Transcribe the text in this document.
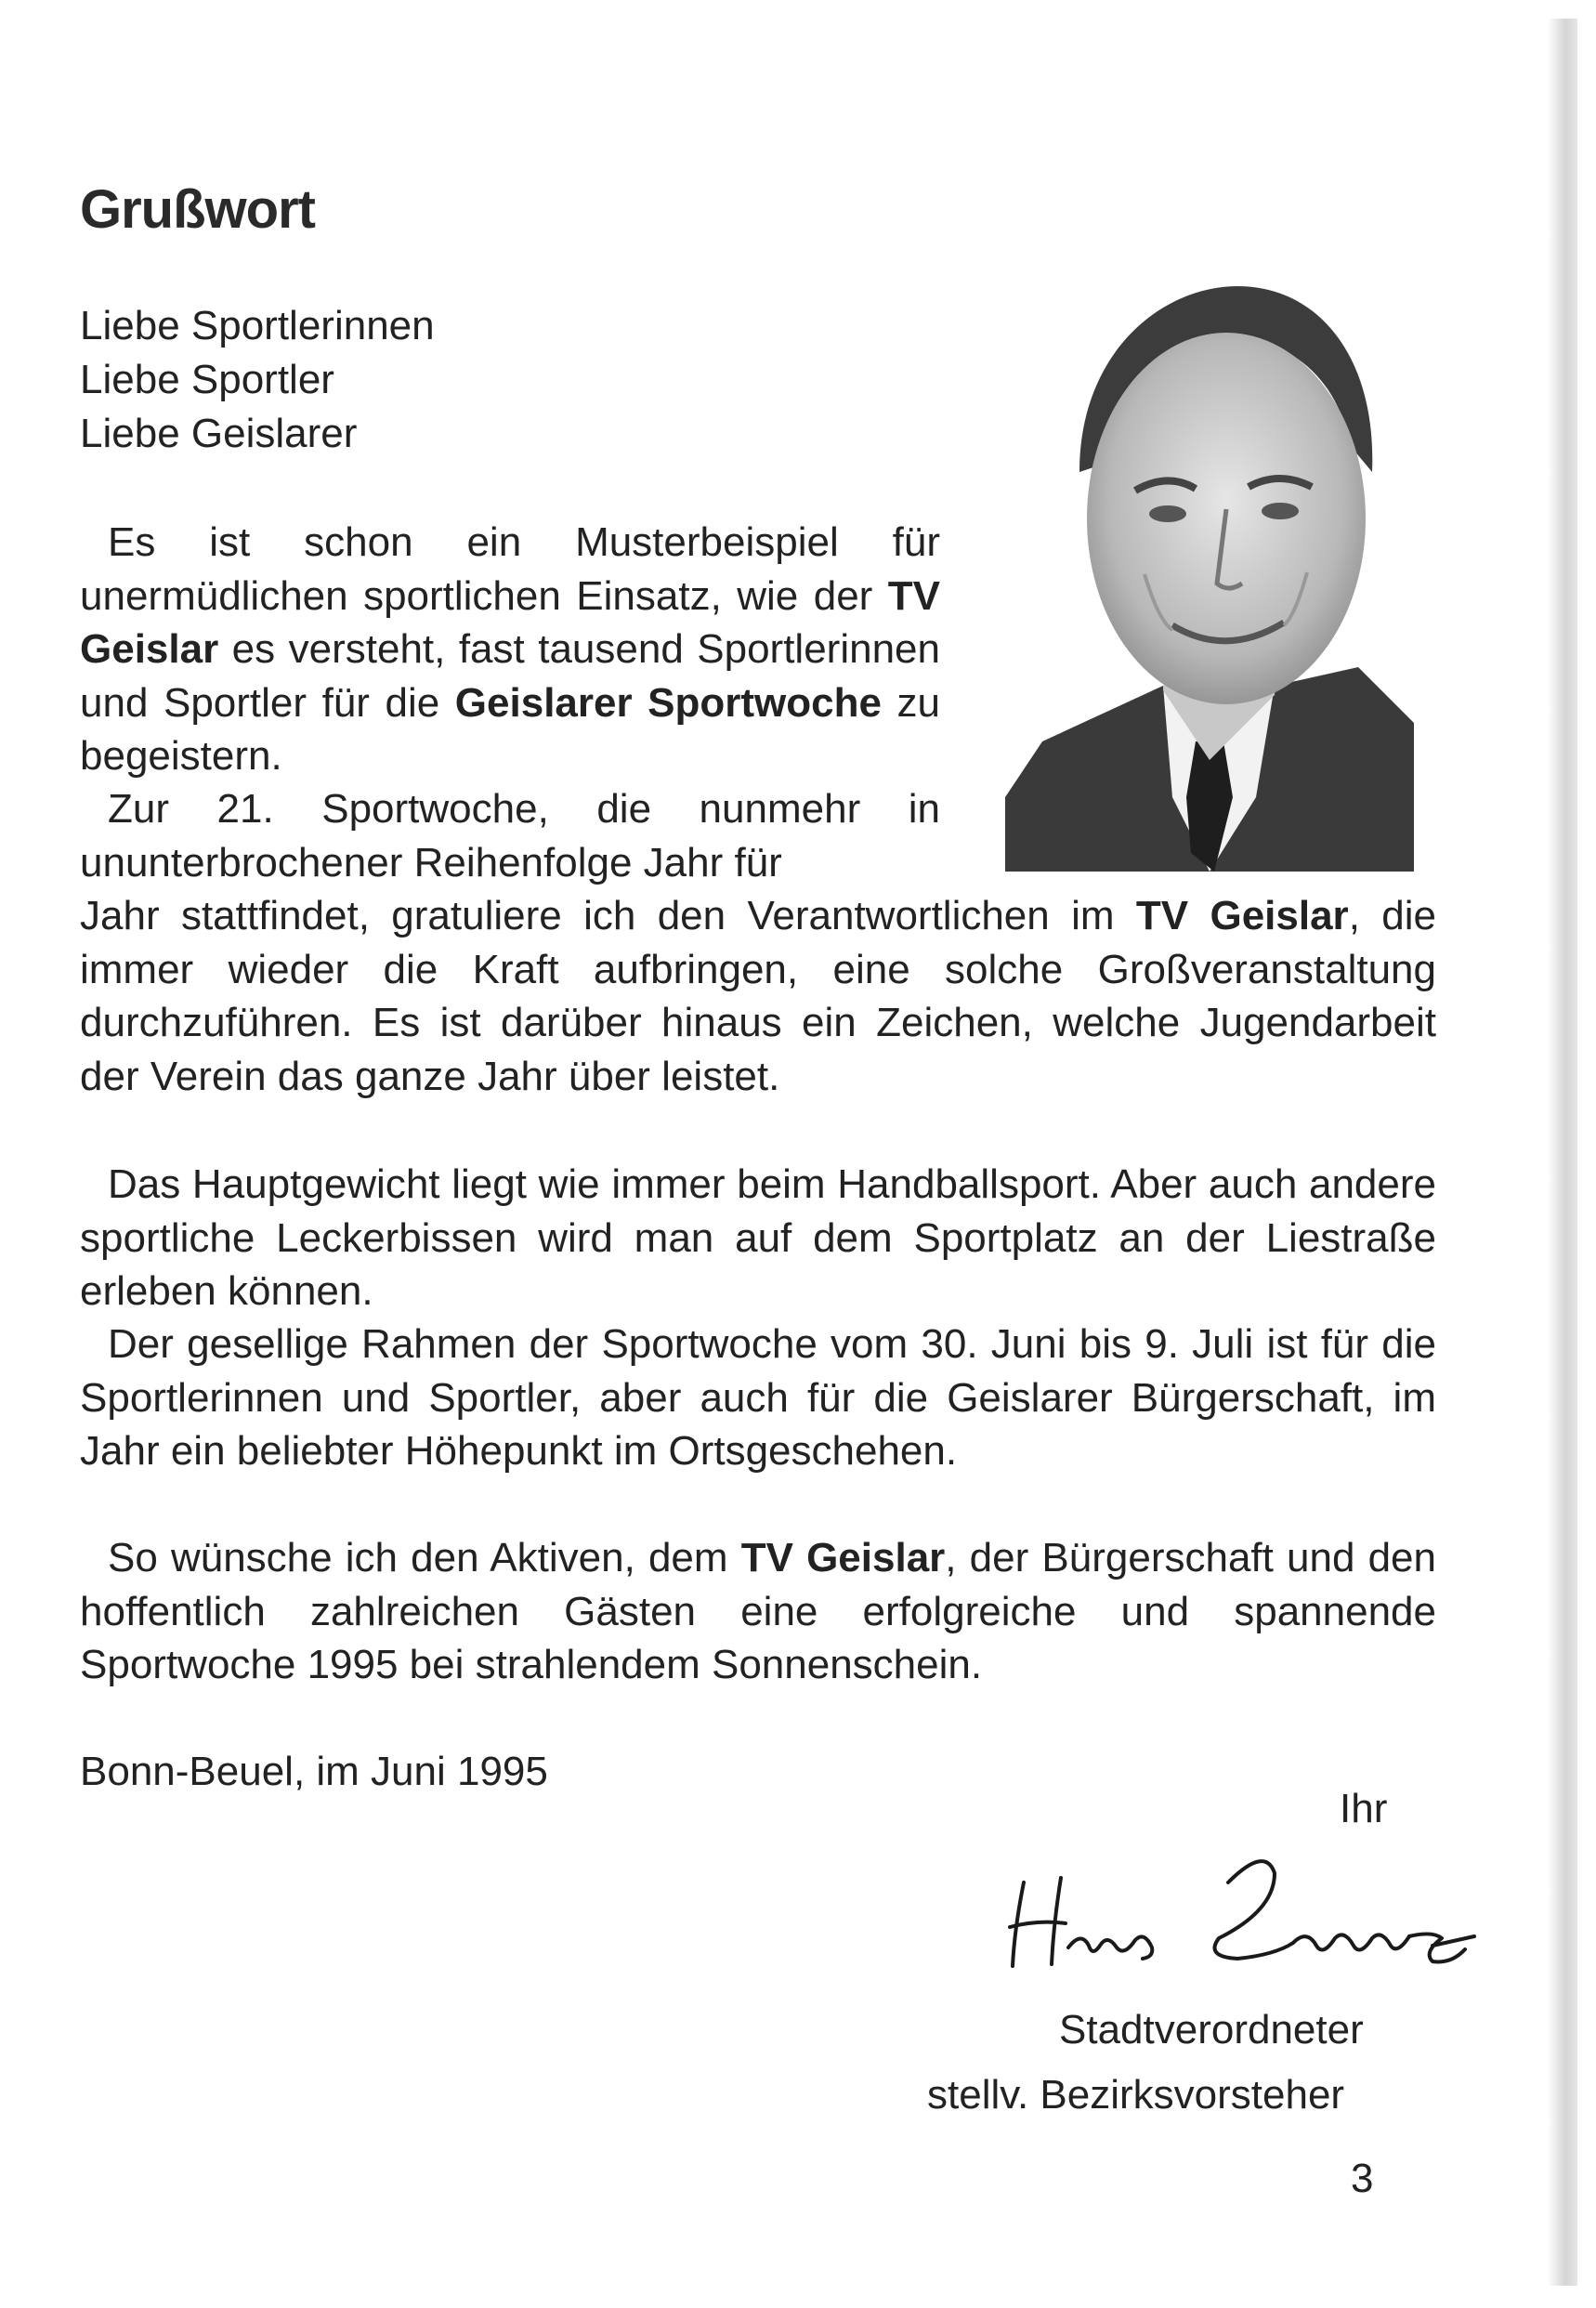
Grußwort
Liebe Sportlerinnen
Liebe Sportler
Liebe Geislarer
Es ist schon ein Musterbeispiel für unermüdlichen sportlichen Einsatz, wie der TV Geislar es versteht, fast tausend Sportlerinnen und Sportler für die Geislarer Sportwoche zu begeistern.
Zur 21. Sportwoche, die nunmehr in ununterbrochener Reihenfolge Jahr für
Jahr stattfindet, gratuliere ich den Verantwortlichen im TV Geislar, die immer wieder die Kraft aufbringen, eine solche Großveranstaltung durchzuführen. Es ist darüber hinaus ein Zeichen, welche Jugendarbeit der Verein das ganze Jahr über leistet.
Das Hauptgewicht liegt wie immer beim Handballsport. Aber auch andere sportliche Leckerbissen wird man auf dem Sportplatz an der Liestraße erleben können.
Der gesellige Rahmen der Sportwoche vom 30. Juni bis 9. Juli ist für die Sportlerinnen und Sportler, aber auch für die Geislarer Bürgerschaft, im Jahr ein beliebter Höhepunkt im Ortsgeschehen.
So wünsche ich den Aktiven, dem TV Geislar, der Bürgerschaft und den hoffentlich zahlreichen Gästen eine erfolgreiche und spannende Sportwoche 1995 bei strahlendem Sonnenschein.
Bonn-Beuel, im Juni 1995
Ihr
Stadtverordneter
stellv. Bezirksvorsteher
3
